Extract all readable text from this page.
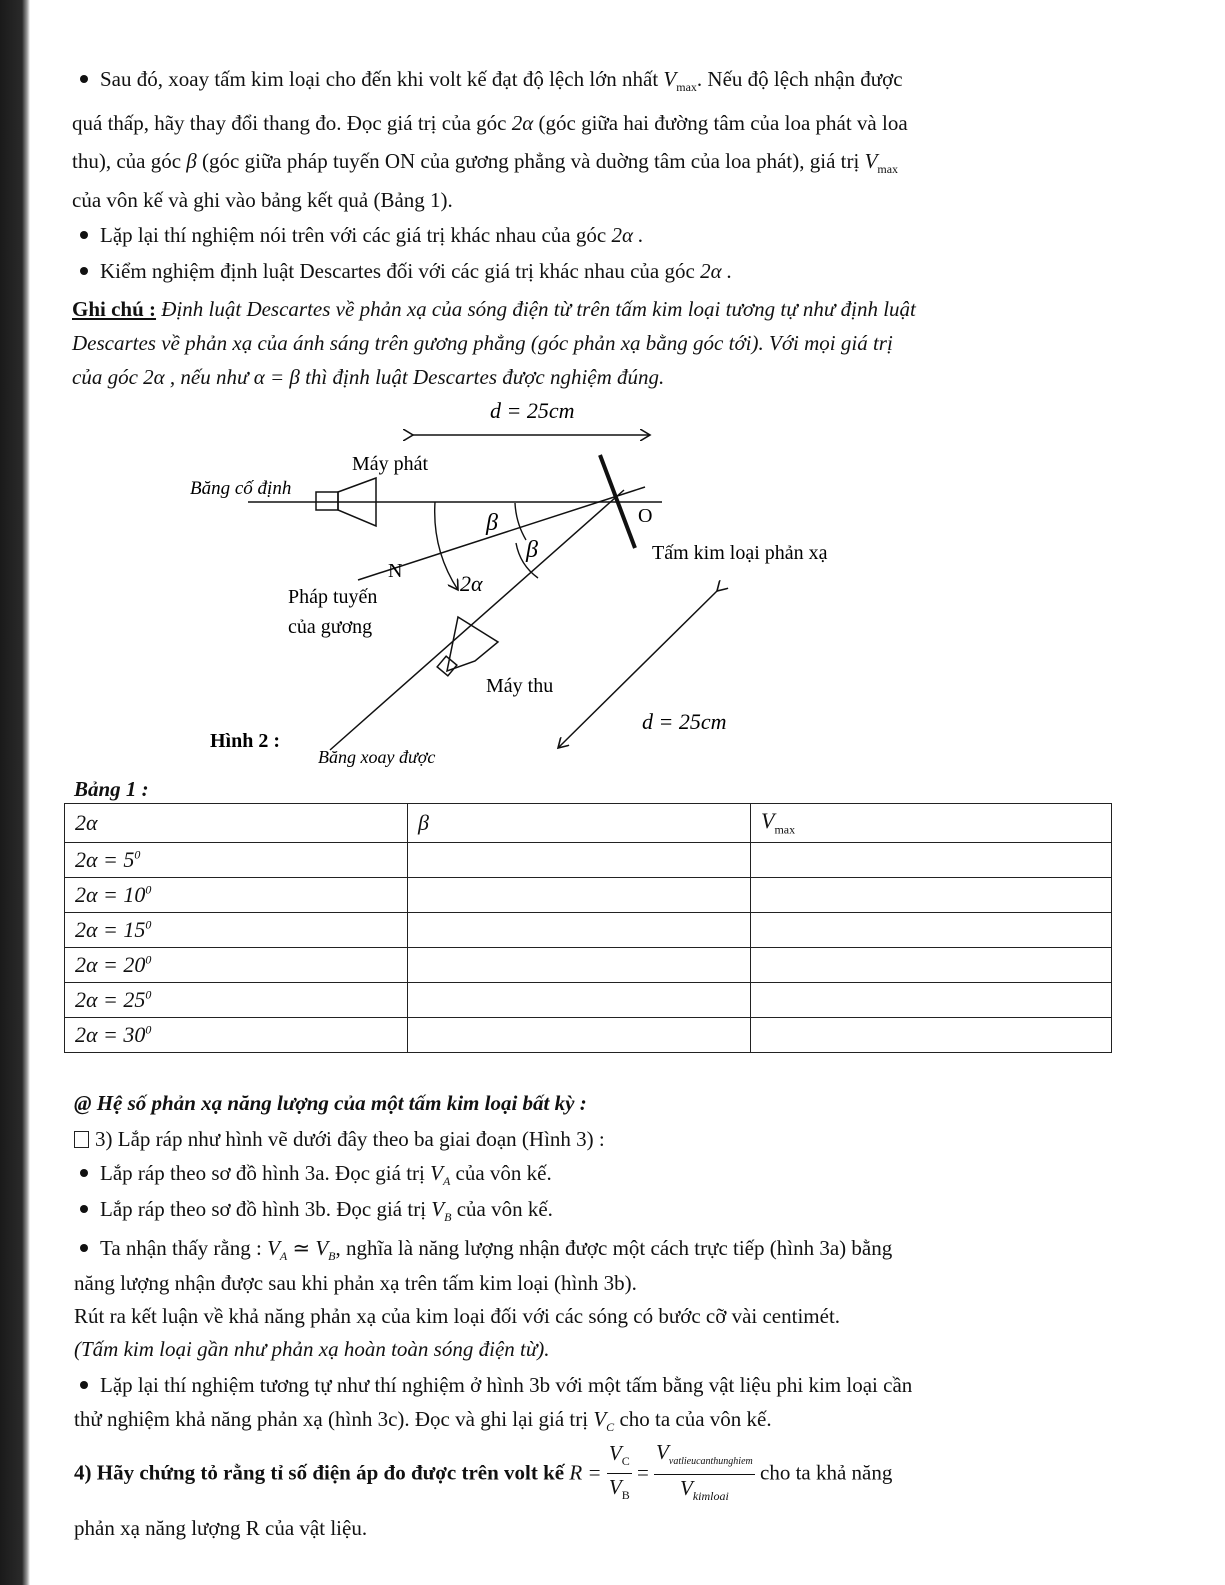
Sau đó, xoay tấm kim loại cho đến khi volt kế đạt độ lệch lớn nhất $V_{max}$. Nếu độ lệch nhận được
quá thấp, hãy thay đổi thang đo. Đọc giá trị của góc 2α (góc giữa hai đường tâm của loa phát và loa
thu), của góc β (góc giữa pháp tuyến ON của gương phẳng và duờng tâm của loa phát), giá trị $V_{max}$
của vôn kế và ghi vào bảng kết quả (Bảng 1).
Lặp lại thí nghiệm nói trên với các giá trị khác nhau của góc 2α .
Kiểm nghiệm định luật Descartes đối với các giá trị khác nhau của góc 2α .
Ghi chú : Định luật Descartes về phản xạ của sóng điện từ trên tấm kim loại tương tự như định luật
Descartes về phản xạ của ánh sáng trên gương phẳng (góc phản xạ bằng góc tới). Với mọi giá trị
của góc 2α , nếu như α = β thì định luật Descartes được nghiệm đúng.
d = 25cm
Máy phát
Băng cố định
β
β
O
N	2α
Tấm kim loại phản xạ
Pháp tuyến
của gương
Máy thu
d = 25cm
Hình 2 :
Băng xoay được
Bảng 1 :
2α	β	$V_{max}$
$2\alpha = 5^0$		
$2\alpha = 10^0$		
$2\alpha = 15^0$		
$2\alpha = 20^0$		
$2\alpha = 25^0$		
$2\alpha = 30^0$		
@ Hệ số phản xạ năng lượng của một tấm kim loại bất kỳ :
3) Lắp ráp như hình vẽ dưới đây theo ba giai đoạn (Hình 3) :
Lắp ráp theo sơ đồ hình 3a. Đọc giá trị $V_A$ của vôn kế.
Lắp ráp theo sơ đồ hình 3b. Đọc giá trị $V_B$ của vôn kế.
Ta nhận thấy rằng : $V_A$ ≃ $V_B$, nghĩa là năng lượng nhận được một cách trực tiếp (hình 3a) bằng
năng lượng nhận được sau khi phản xạ trên tấm kim loại (hình 3b).
Rút ra kết luận về khả năng phản xạ của kim loại đối với các sóng có bước cỡ vài centimét.
(Tấm kim loại gần như phản xạ hoàn toàn sóng điện từ).
Lặp lại thí nghiệm tương tự như thí nghiệm ở hình 3b với một tấm bằng vật liệu phi kim loại cần
thử nghiệm khả năng phản xạ (hình 3c). Đọc và ghi lại giá trị $V_C$ cho ta của vôn kế.
4) Hãy chứng tỏ rằng tỉ số điện áp đo được trên volt kế $R = \frac{V_C}{V_B} = \frac{V_{vatlieucanthunghiem}}{V_{kimloai}}$ cho ta khả năng
phản xạ năng lượng R của vật liệu.
